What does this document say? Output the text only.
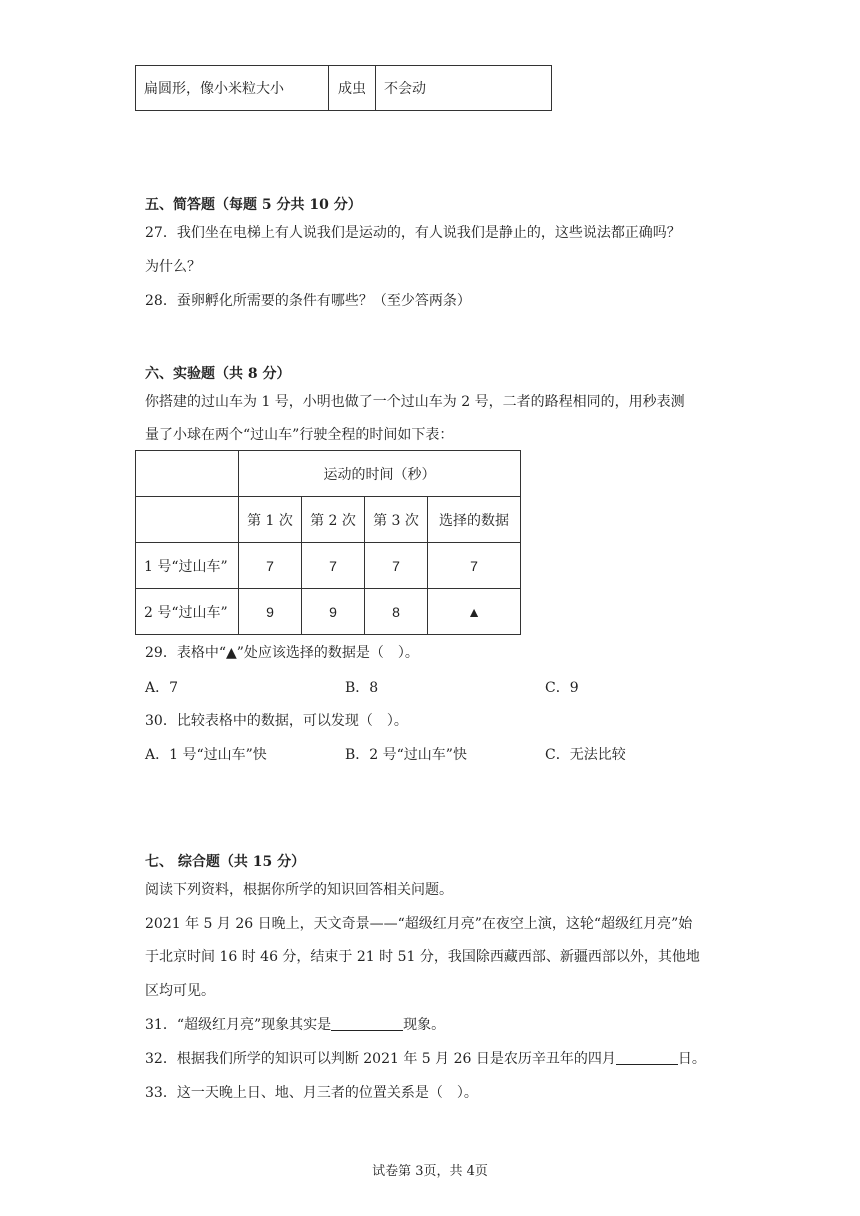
扁圆形，像小米粒大小	成虫	不会动
五、简答题（每题 5 分共 10 分）
27．我们坐在电梯上有人说我们是运动的，有人说我们是静止的，这些说法都正确吗？
为什么？
28．蚕卵孵化所需要的条件有哪些？（至少答两条）
六、实验题（共 8 分）
你搭建的过山车为 1 号，小明也做了一个过山车为 2 号，二者的路程相同的，用秒表测
量了小球在两个“过山车”行驶全程的时间如下表：
	运动的时间（秒）			
	第 1 次	第 2 次	第 3 次	选择的数据
1 号“过山车”	7	7	7	7
2 号“过山车”	9	9	8	▲
29．表格中“▲”处应该选择的数据是（　）。
A．7	B．8	C．9
30．比较表格中的数据，可以发现（　）。
A．1 号“过山车”快	B．2 号“过山车”快	C．无法比较
七、 综合题（共 15 分）
阅读下列资料，根据你所学的知识回答相关问题。
2021 年 5 月 26 日晚上，天文奇景——“超级红月亮”在夜空上演，这轮“超级红月亮”始
于北京时间 16 时 46 分，结束于 21 时 51 分，我国除西藏西部、新疆西部以外，其他地
区均可见。
31．“超级红月亮”现象其实是	现象。
32．根据我们所学的知识可以判断 2021 年 5 月 26 日是农历辛丑年的四月	日。
33．这一天晚上日、地、月三者的位置关系是（　）。
试卷第 3页，共 4页
